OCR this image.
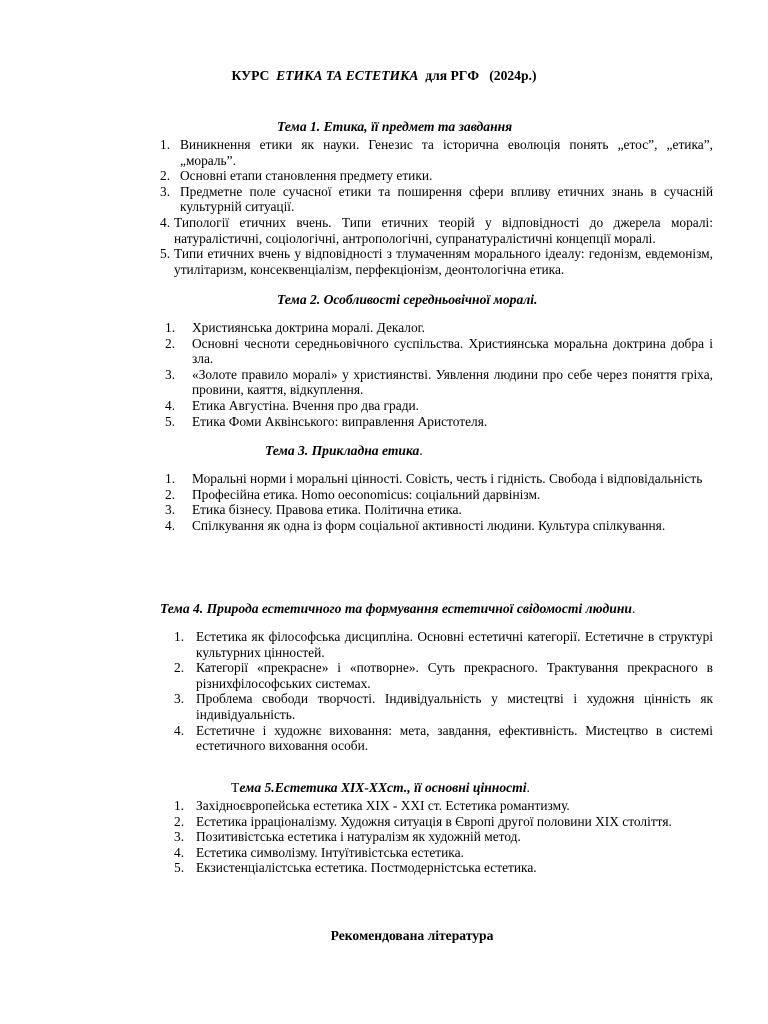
КУРС  ЕТИКА ТА ЕСТЕТИКА  для РГФ   (2024р.)
Тема 1. Етика, її предмет та завдання
1. Виникнення етики як науки. Генезис та історична еволюція понять „етос”, „етика”, „мораль”.
2. Основні етапи становлення предмету етики.
3. Предметне поле сучасної етики та поширення сфери впливу етичних знань в сучасній культурній ситуації.
4. Типології етичних вчень. Типи етичних теорій у відповідності до джерела моралі: натуралістичні, соціологічні, антропологічні, супранатуралістичні концепції моралі.
5. Типи етичних вчень у відповідності з тлумаченням морального ідеалу: гедонізм, евдемонізм, утилітаризм, консеквенціалізм, перфекціонізм, деонтологічна етика.
Тема 2. Особливості середньовічної моралі.
1. Християнська доктрина моралі. Декалог.
2. Основні чесноти середньовічного суспільства. Християнська моральна доктрина добра і зла.
3. «Золоте правило моралі» у християнстві. Уявлення людини про себе через поняття гріха, провини, каяття, відкуплення.
4. Етика Августіна. Вчення про два гради.
5. Етика Фоми Аквінського: виправлення Аристотеля.
Тема 3. Прикладна етика.
1. Моральні норми і моральні цінності. Совість, честь і гідність. Свобода і відповідальність
2. Професійна етика. Homo oeconomicus: соціальний дарвінізм.
3. Етика бізнесу. Правова етика. Політична етика.
4. Спілкування як одна із форм соціальної активності людини. Культура спілкування.
Тема 4. Природа естетичного та формування естетичної свідомості людини.
1. Естетика як філософська дисципліна. Основні естетичні категорії. Естетичне в структурі культурних цінностей.
2. Категорії «прекрасне» і «потворне». Суть прекрасного. Трактування прекрасного в різнихфілософських системах.
3. Проблема свободи творчості. Індивідуальність у мистецтві і художня цінність як індивідуальність.
4. Естетичне і художнє виховання: мета, завдання, ефективність. Мистецтво в системі естетичного виховання особи.
Тема 5.Естетика XIX-XXст., її основні цінності.
1. Західноєвропейська естетика XIX - XXI ст. Естетика романтизму.
2. Естетика ірраціоналізму. Художня ситуація в Європі другої половини XIX століття.
3. Позитивістська естетика і натуралізм як художній метод.
4. Естетика символізму. Інтуїтивістська естетика.
5. Екзистенціалістська естетика. Постмодерністська естетика.
Рекомендована література
